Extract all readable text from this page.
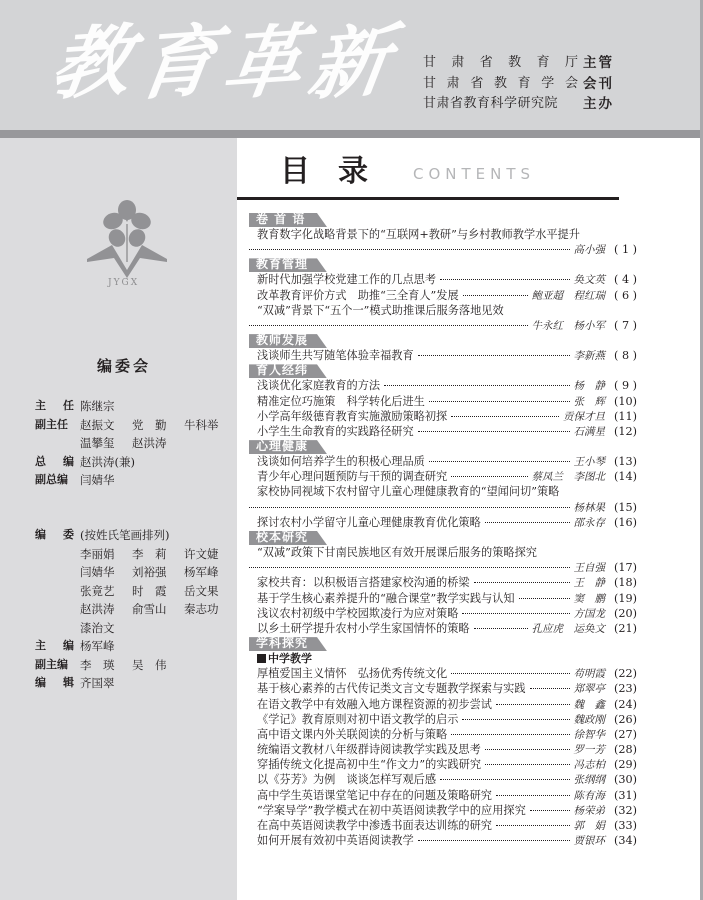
教
育
革
新 甘 肃 省 教 育 厅 主管
甘 肃 省 教 育 学 会 会刊
甘肃省教育科学研究院 主办
JYGX
编委会
主 任 陈继宗
副主任 赵振文	党　勤	牛科举
温攀玺	赵洪涛
总 编 赵洪涛(兼)
副总编 闫婧华
编 委 (按姓氏笔画排列)
李丽娟	李　莉	许文婕
闫婧华	刘裕强	杨军峰
张竟艺	时　霞	岳文果
赵洪涛	俞雪山	秦志功
漆治文
主 编 杨军峰
副主编 李　瑛	吴　伟
编 辑 齐国翠
目 录	CONTENTS
卷 首 语
教育数字化战略背景下的“互联网+教研”与乡村教师教学水平提升
高小强 ( 1 )
教育管理
新时代加强学校党建工作的几点思考	奂文英 ( 4 )
改革教育评价方式　助推“三全育人”发展	鲍亚超　程红瑞 ( 6 )
“双减”背景下“五个一”模式助推课后服务落地见效
牛永红　杨小军 ( 7 )
教师发展
浅谈师生共写随笔体验幸福教育	李新燕 ( 8 )
育人经纬
浅谈优化家庭教育的方法	杨　静 ( 9 )
精准定位巧施策　科学转化后进生	张　辉 (10)
小学高年级德育教育实施激励策略初探	贡保才旦 (11)
小学生生命教育的实践路径研究	石满星 (12)
心理健康
浅谈如何培养学生的积极心理品质	王小琴 (13)
青少年心理问题预防与干预的调查研究	蔡凤兰　李图北 (14)
家校协同视域下农村留守儿童心理健康教育的“望闻问切”策略
杨林果 (15)
探讨农村小学留守儿童心理健康教育优化策略	邵永存 (16)
校本研究
“双减”政策下甘南民族地区有效开展课后服务的策略探究
王自强 (17)
家校共育：以积极语言搭建家校沟通的桥梁	王　静 (18)
基于学生核心素养提升的“融合课堂”教学实践与认知	窦　鹏 (19)
浅议农村初级中学校园欺凌行为应对策略	方国龙 (20)
以乡土研学提升农村小学生家国情怀的策略	孔应虎　运奂文 (21)
学科探究
中学教学
厚植爱国主义情怀　弘扬优秀传统文化	苟明霞 (22)
基于核心素养的古代传记类文言文专题教学探索与实践	郑翠亭 (23)
在语文教学中有效融入地方课程资源的初步尝试	魏　鑫 (24)
《学记》教育原则对初中语文教学的启示	魏政刚 (26)
高中语文课内外关联阅读的分析与策略	徐智华 (27)
统编语文教材八年级群诗阅读教学实践及思考	罗一芳 (28)
穿插传统文化提高初中生“作文力”的实践研究	冯志柏 (29)
以《芬芳》为例　谈谈怎样写观后感	张纲纲 (30)
高中学生英语课堂笔记中存在的问题及策略研究	陈有海 (31)
“学案导学”教学模式在初中英语阅读教学中的应用探究	杨荣弟 (32)
在高中英语阅读教学中渗透书面表达训练的研究	郭　娟 (33)
如何开展有效初中英语阅读教学	贾银环 (34)
